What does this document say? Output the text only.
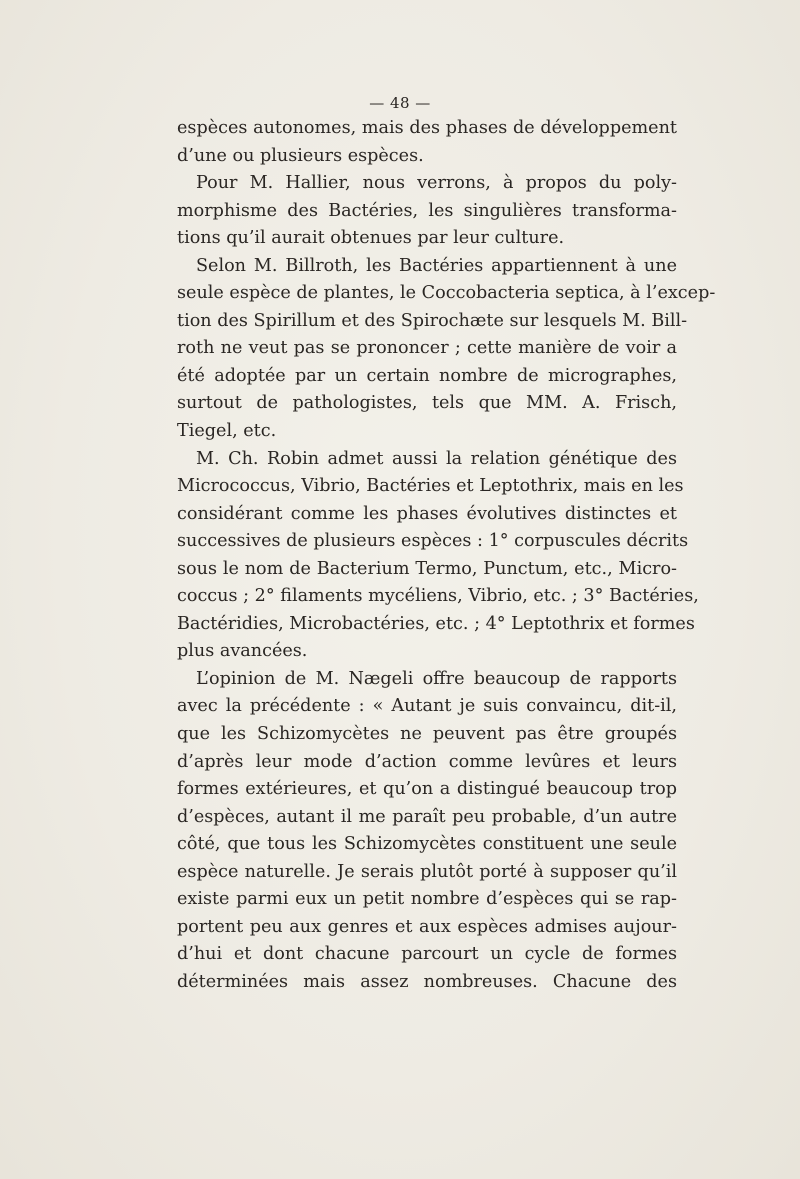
— 48 —
espèces autonomes, mais des phases de développement
d’une ou plusieurs espèces.
Pour M. Hallier, nous verrons, à propos du poly-
morphisme des Bactéries, les singulières transforma-
tions qu’il aurait obtenues par leur culture.
Selon M. Billroth, les Bactéries appartiennent à une
seule espèce de plantes, le Coccobacteria septica, à l’excep-
tion des Spirillum et des Spirochæte sur lesquels M. Bill-
roth ne veut pas se prononcer ; cette manière de voir a
été adoptée par un certain nombre de micrographes,
surtout de pathologistes, tels que MM. A. Frisch,
Tiegel, etc.
M. Ch. Robin admet aussi la relation génétique des
Micrococcus, Vibrio, Bactéries et Leptothrix, mais en les
considérant comme les phases évolutives distinctes et
successives de plusieurs espèces : 1° corpuscules décrits
sous le nom de Bacterium Termo, Punctum, etc., Micro-
coccus ; 2° filaments mycéliens, Vibrio, etc. ; 3° Bactéries,
Bactéridies, Microbactéries, etc. ; 4° Leptothrix et formes
plus avancées.
L’opinion de M. Nægeli offre beaucoup de rapports
avec la précédente : « Autant je suis convaincu, dit-il,
que les Schizomycètes ne peuvent pas être groupés
d’après leur mode d’action comme levûres et leurs
formes extérieures, et qu’on a distingué beaucoup trop
d’espèces, autant il me paraît peu probable, d’un autre
côté, que tous les Schizomycètes constituent une seule
espèce naturelle. Je serais plutôt porté à supposer qu’il
existe parmi eux un petit nombre d’espèces qui se rap-
portent peu aux genres et aux espèces admises aujour-
d’hui et dont chacune parcourt un cycle de formes
déterminées mais assez nombreuses. Chacune des
